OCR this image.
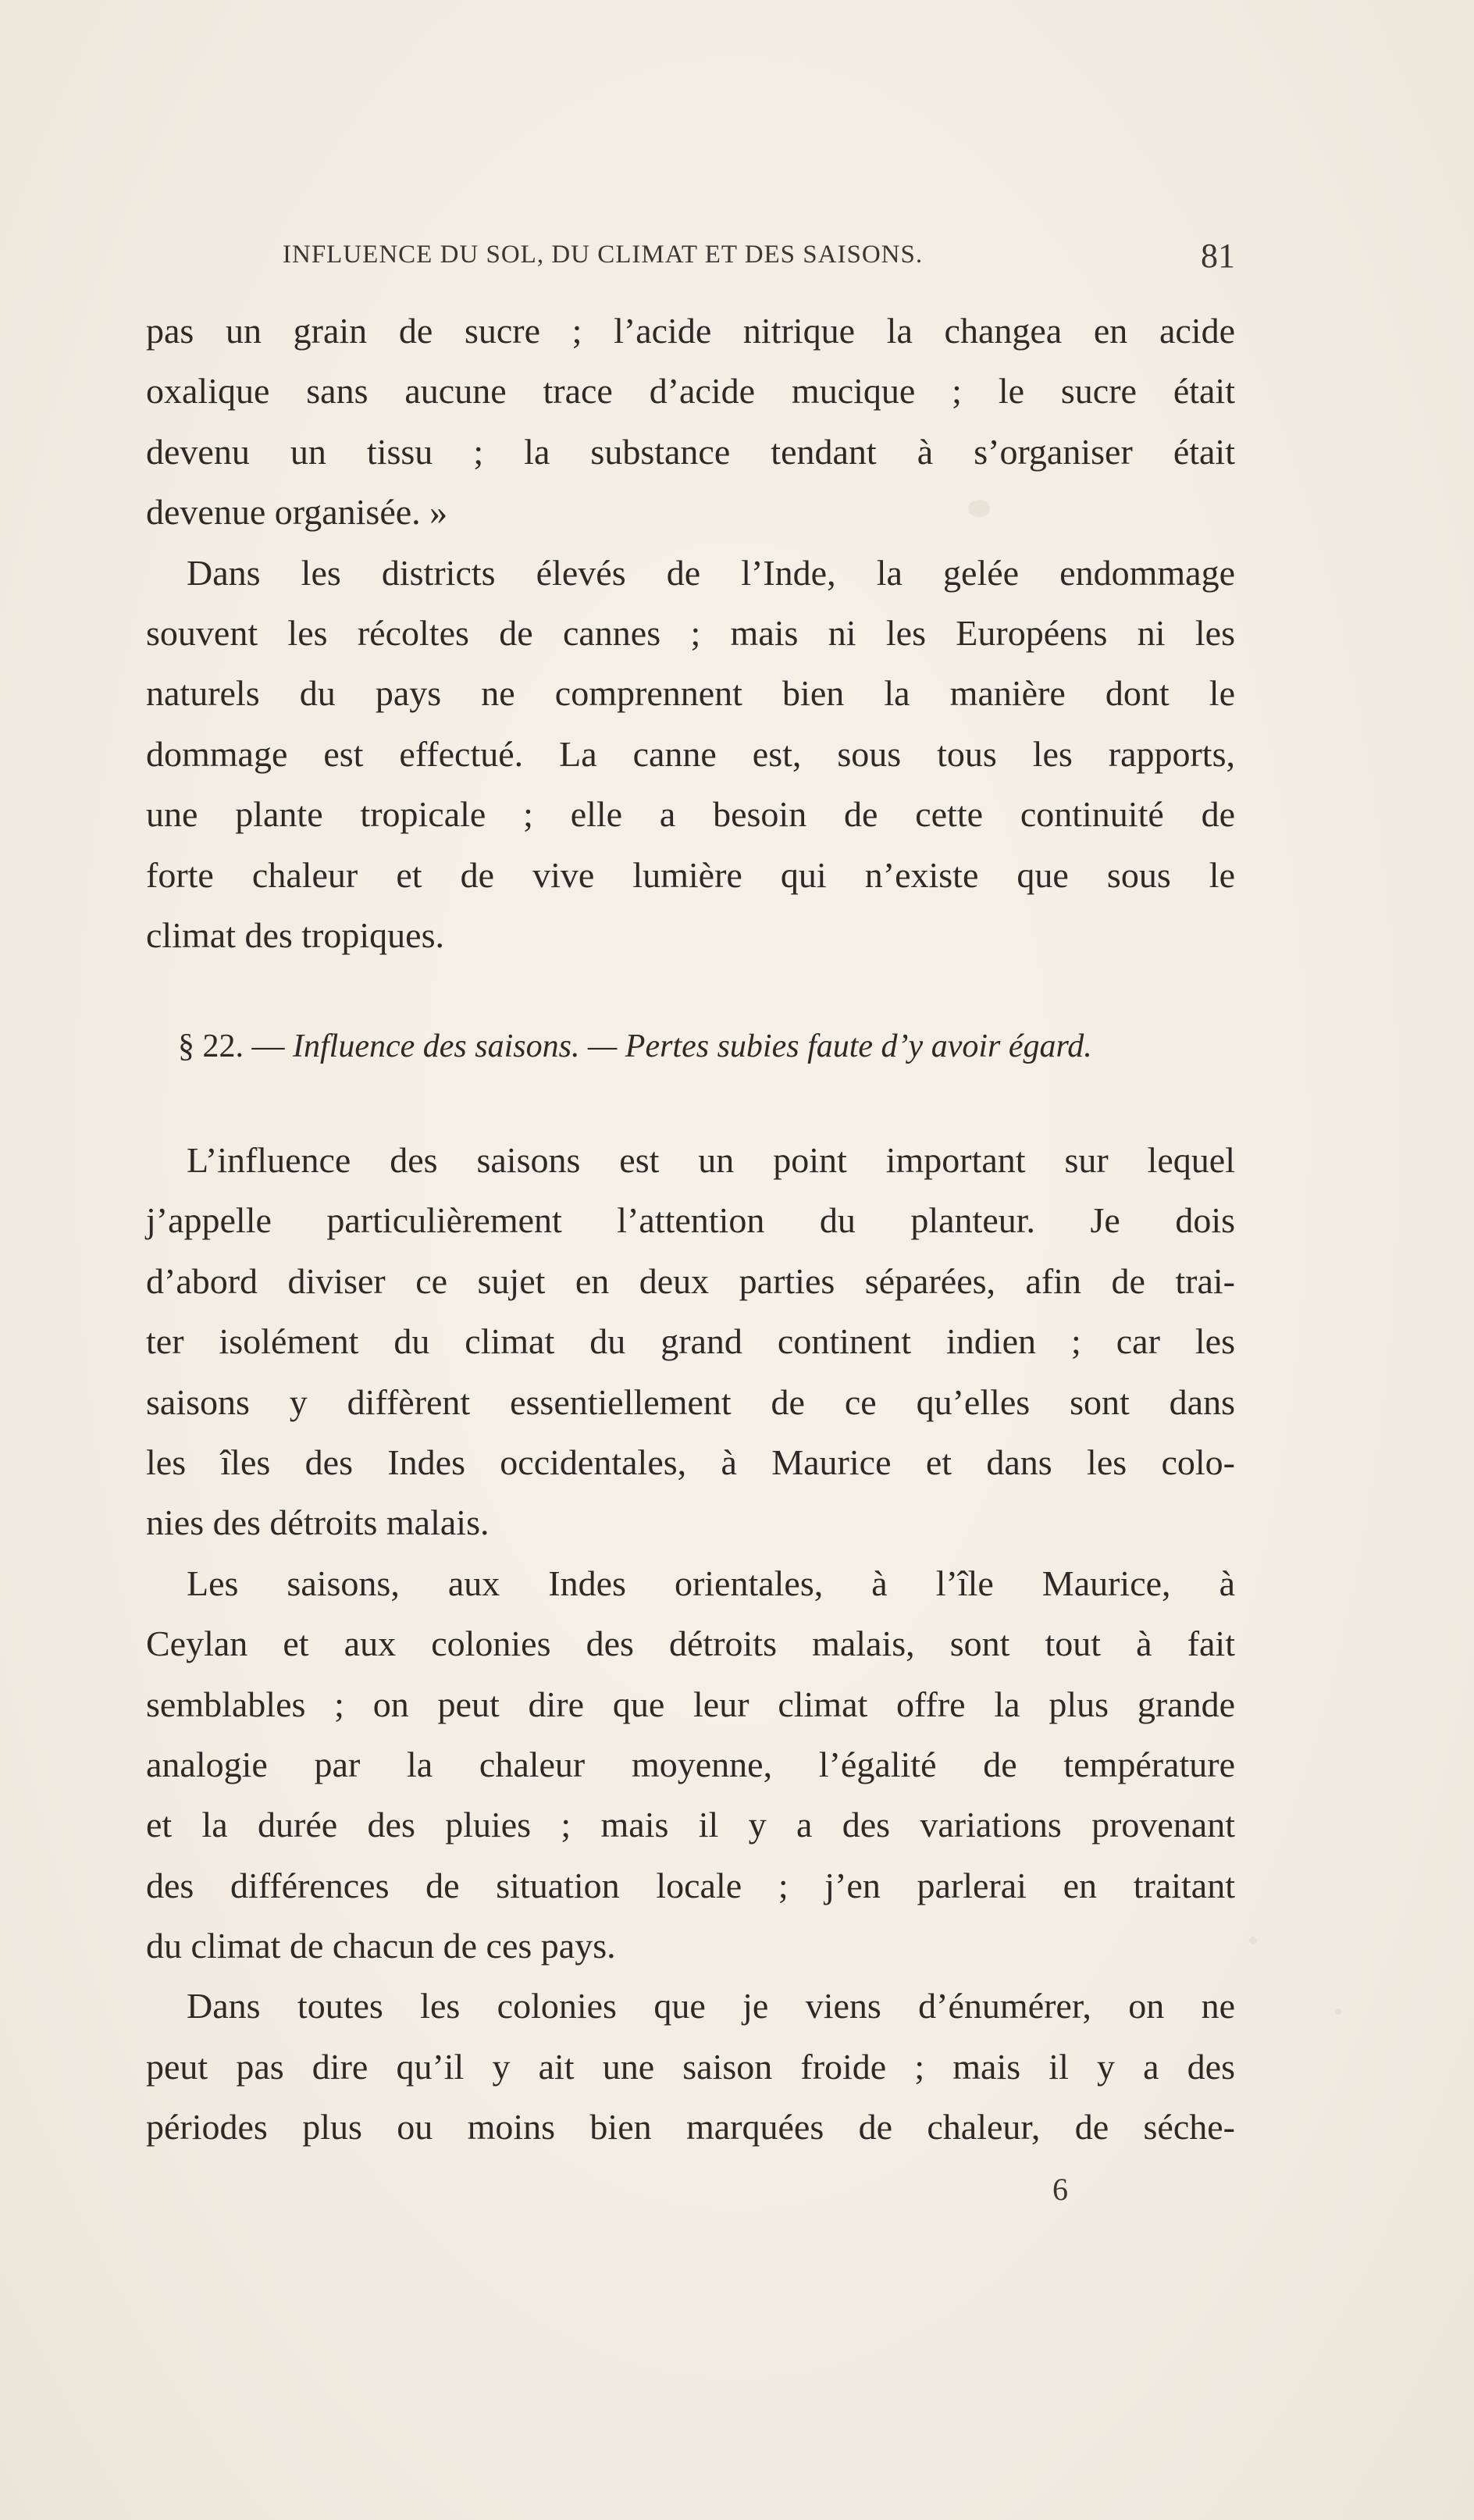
INFLUENCE DU SOL, DU CLIMAT ET DES SAISONS.	81
pas un grain de sucre ; l’acide nitrique la changea en acide
oxalique sans aucune trace d’acide mucique ; le sucre était
devenu un tissu ; la substance tendant à s’organiser était
devenue organisée. »
Dans les districts élevés de l’Inde, la gelée endommage
souvent les récoltes de cannes ; mais ni les Européens ni les
naturels du pays ne comprennent bien la manière dont le
dommage est effectué. La canne est, sous tous les rapports,
une plante tropicale ; elle a besoin de cette continuité de
forte chaleur et de vive lumière qui n’existe que sous le
climat des tropiques.
§ 22. — Influence des saisons. — Pertes subies faute d’y avoir égard.
L’influence des saisons est un point important sur lequel
j’appelle particulièrement l’attention du planteur. Je dois
d’abord diviser ce sujet en deux parties séparées, afin de trai-
ter isolément du climat du grand continent indien ; car les
saisons y diffèrent essentiellement de ce qu’elles sont dans
les îles des Indes occidentales, à Maurice et dans les colo-
nies des détroits malais.
Les saisons, aux Indes orientales, à l’île Maurice, à
Ceylan et aux colonies des détroits malais, sont tout à fait
semblables ; on peut dire que leur climat offre la plus grande
analogie par la chaleur moyenne, l’égalité de température
et la durée des pluies ; mais il y a des variations provenant
des différences de situation locale ; j’en parlerai en traitant
du climat de chacun de ces pays.
Dans toutes les colonies que je viens d’énumérer, on ne
peut pas dire qu’il y ait une saison froide ; mais il y a des
périodes plus ou moins bien marquées de chaleur, de séche-
6
